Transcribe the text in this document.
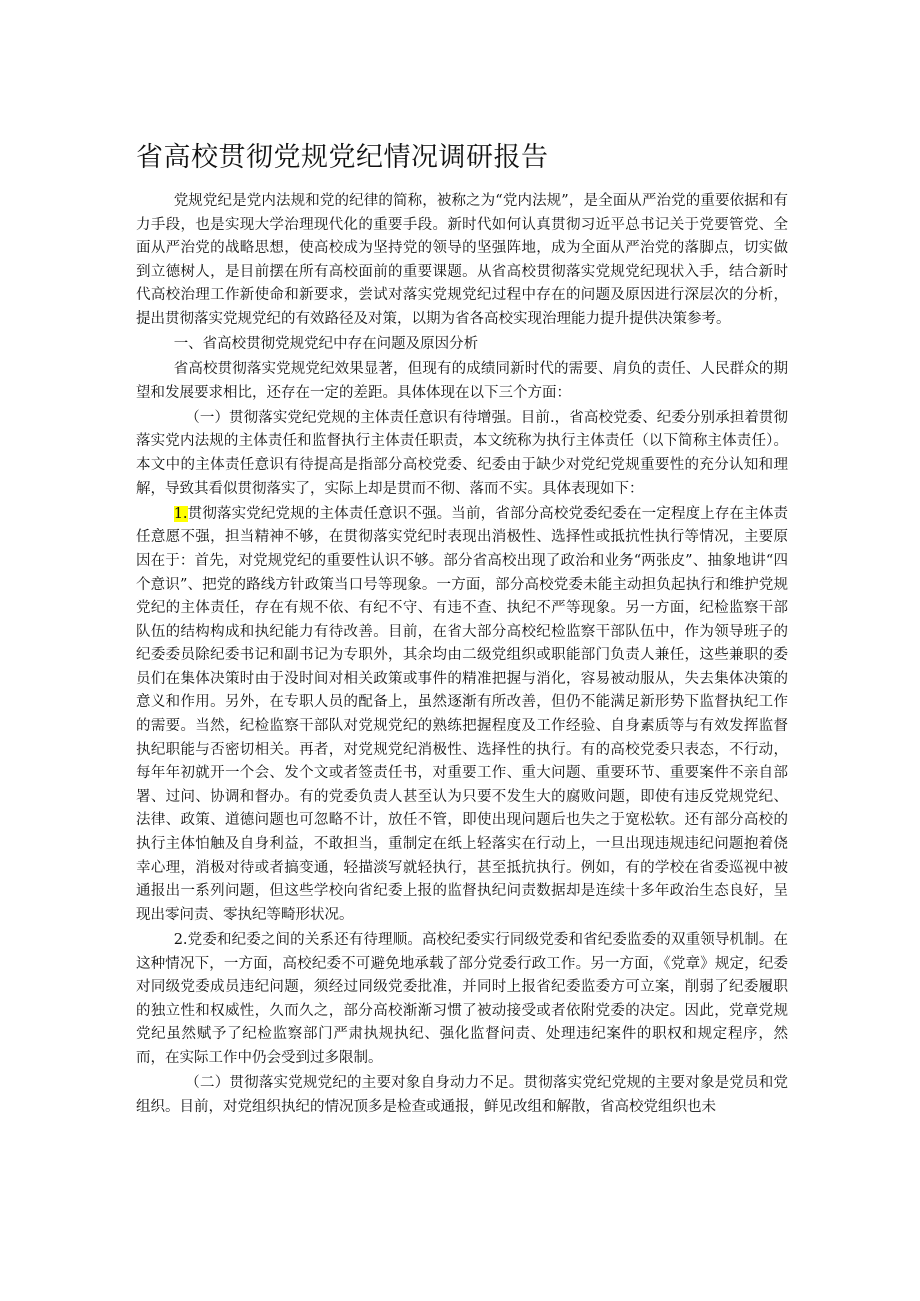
省高校贯彻党规党纪情况调研报告

党规党纪是党内法规和党的纪律的简称，被称之为“党内法规”，是全面从严治党的重要依据和有力手段，也是实现大学治理现代化的重要手段。新时代如何认真贯彻习近平总书记关于党要管党、全面从严治党的战略思想，使高校成为坚持党的领导的坚强阵地，成为全面从严治党的落脚点，切实做到立德树人，是目前摆在所有高校面前的重要课题。从省高校贯彻落实党规党纪现状入手，结合新时代高校治理工作新使命和新要求，尝试对落实党规党纪过程中存在的问题及原因进行深层次的分析，提出贯彻落实党规党纪的有效路径及对策，以期为省各高校实现治理能力提升提供决策参考。

一、省高校贯彻党规党纪中存在问题及原因分析

省高校贯彻落实党规党纪效果显著，但现有的成绩同新时代的需要、肩负的责任、人民群众的期望和发展要求相比，还存在一定的差距。具体体现在以下三个方面：

（一）贯彻落实党纪党规的主体责任意识有待增强。目前.，省高校党委、纪委分别承担着贯彻落实党内法规的主体责任和监督执行主体责任职责，本文统称为执行主体责任（以下简称主体责任）。本文中的主体责任意识有待提高是指部分高校党委、纪委由于缺少对党纪党规重要性的充分认知和理解，导致其看似贯彻落实了，实际上却是贯而不彻、落而不实。具体表现如下：

1.贯彻落实党纪党规的主体责任意识不强。当前，省部分高校党委纪委在一定程度上存在主体责任意愿不强，担当精神不够，在贯彻落实党纪时表现出消极性、选择性或抵抗性执行等情况，主要原因在于：首先，对党规党纪的重要性认识不够。部分省高校出现了政治和业务“两张皮”、抽象地讲“四个意识”、把党的路线方针政策当口号等现象。一方面，部分高校党委未能主动担负起执行和维护党规党纪的主体责任，存在有规不依、有纪不守、有违不查、执纪不严等现象。另一方面，纪检监察干部队伍的结构构成和执纪能力有待改善。目前，在省大部分高校纪检监察干部队伍中，作为领导班子的纪委委员除纪委书记和副书记为专职外，其余均由二级党组织或职能部门负责人兼任，这些兼职的委员们在集体决策时由于没时间对相关政策或事件的精准把握与消化，容易被动服从，失去集体决策的意义和作用。另外，在专职人员的配备上，虽然逐渐有所改善，但仍不能满足新形势下监督执纪工作的需要。当然，纪检监察干部队对党规党纪的熟练把握程度及工作经验、自身素质等与有效发挥监督执纪职能与否密切相关。再者，对党规党纪消极性、选择性的执行。有的高校党委只表态，不行动，每年年初就开一个会、发个文或者签责任书，对重要工作、重大问题、重要环节、重要案件不亲自部署、过问、协调和督办。有的党委负责人甚至认为只要不发生大的腐败问题，即使有违反党规党纪、法律、政策、道德问题也可忽略不计，放任不管，即使出现问题后也失之于宽松软。还有部分高校的执行主体怕触及自身利益，不敢担当，重制定在纸上轻落实在行动上，一旦出现违规违纪问题抱着侥幸心理，消极对待或者搞变通，轻描淡写就轻执行，甚至抵抗执行。例如，有的学校在省委巡视中被通报出一系列问题，但这些学校向省纪委上报的监督执纪问责数据却是连续十多年政治生态良好，呈现出零问责、零执纪等畸形状况。

2.党委和纪委之间的关系还有待理顺。高校纪委实行同级党委和省纪委监委的双重领导机制。在这种情况下，一方面，高校纪委不可避免地承载了部分党委行政工作。另一方面，《党章》规定，纪委对同级党委成员违纪问题，须经过同级党委批准，并同时上报省纪委监委方可立案，削弱了纪委履职的独立性和权威性，久而久之，部分高校渐渐习惯了被动接受或者依附党委的决定。因此，党章党规党纪虽然赋予了纪检监察部门严肃执规执纪、强化监督问责、处理违纪案件的职权和规定程序，然而，在实际工作中仍会受到过多限制。

（二）贯彻落实党规党纪的主要对象自身动力不足。贯彻落实党纪党规的主要对象是党员和党组织。目前，对党组织执纪的情况顶多是检查或通报，鲜见改组和解散，省高校党组织也未
